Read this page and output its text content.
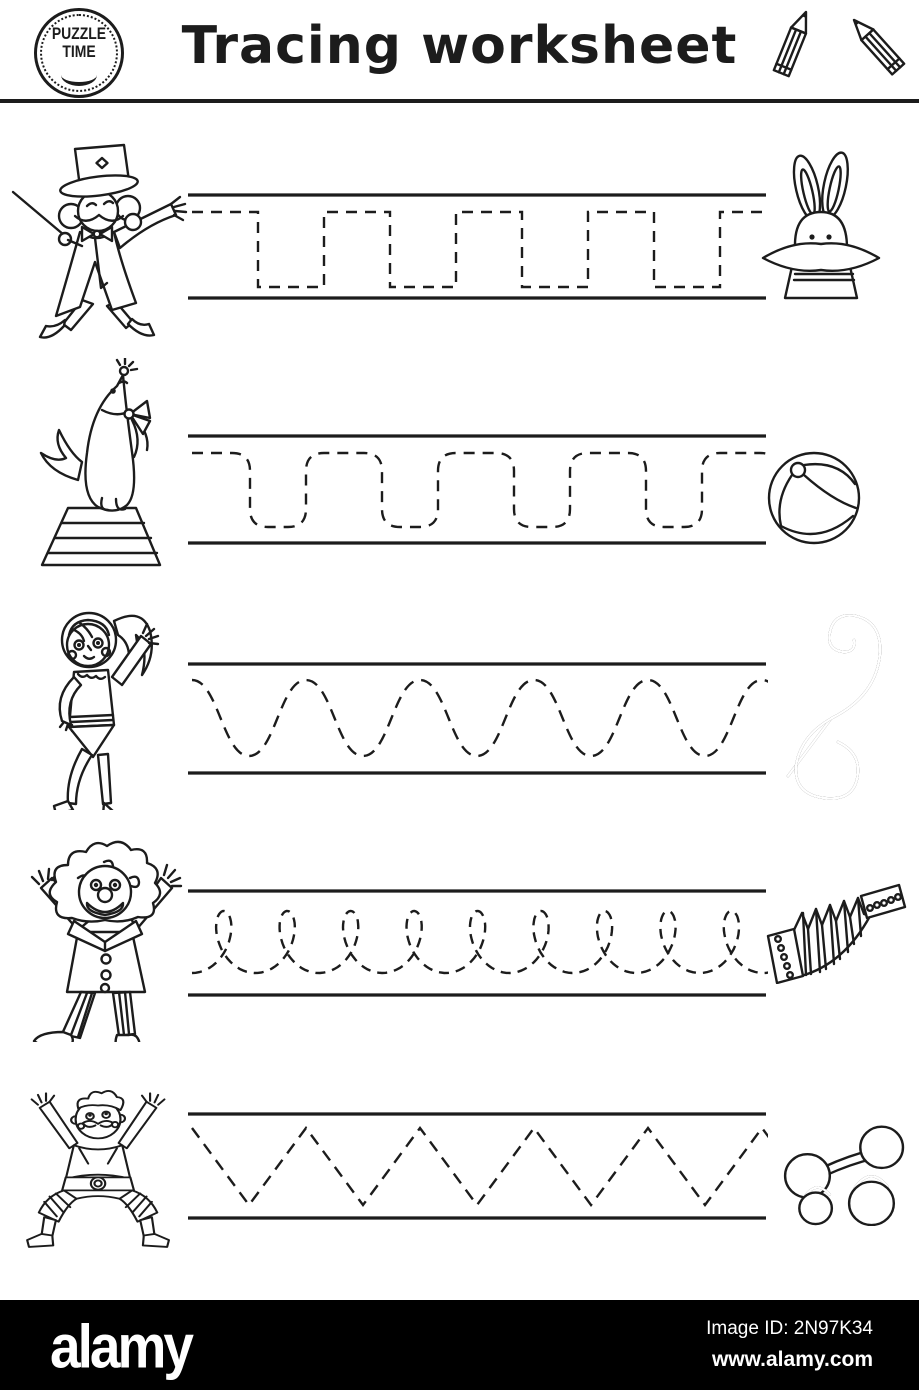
PUZZLE
TIME	Tracing worksheet
alamy	Image ID: 2N97K34
www.alamy.com
